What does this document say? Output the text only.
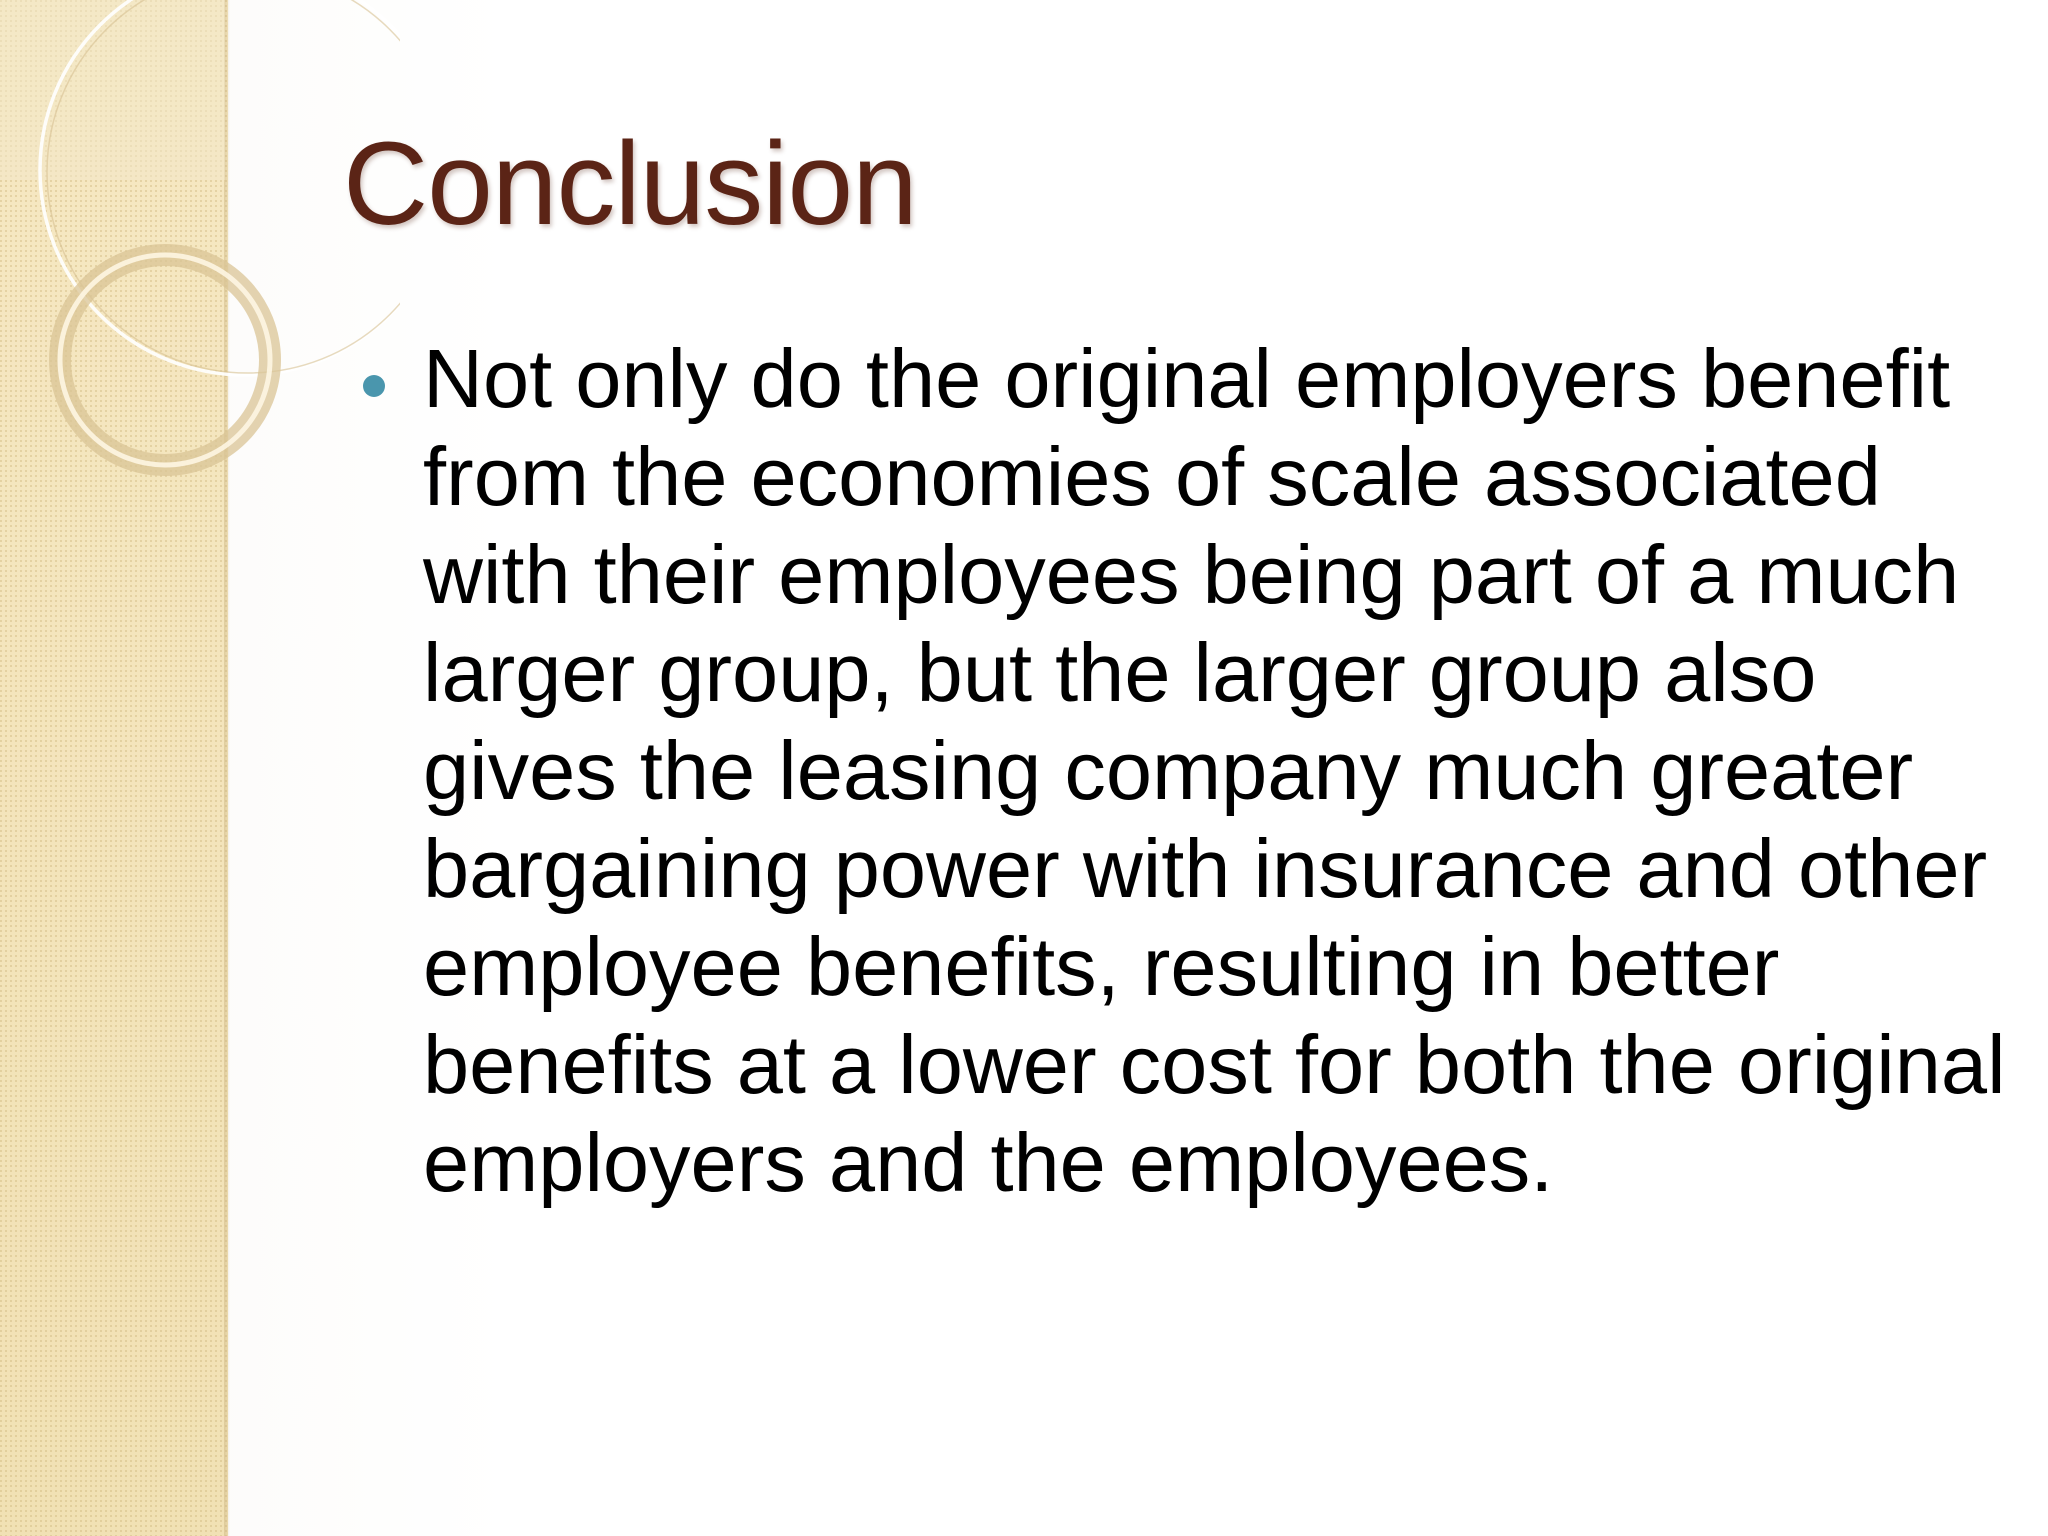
Conclusion
Not only do the original employers benefit from the economies of scale associated with their employees being part of a much larger group, but the larger group also gives the leasing company much greater bargaining power with insurance and other employee benefits, resulting in better benefits at a lower cost for both the original employers and the employees.
